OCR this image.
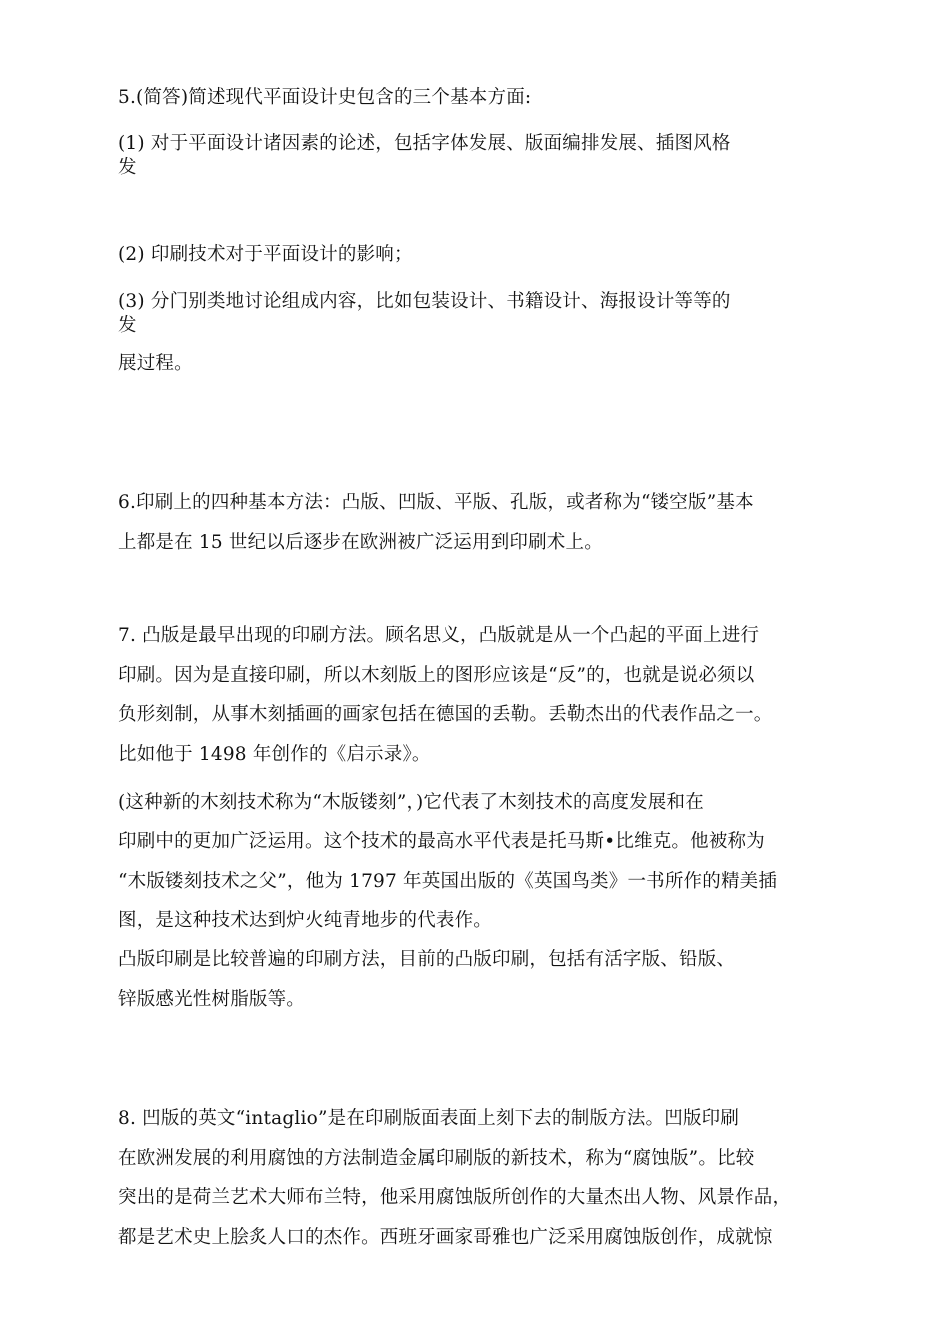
5.(简答)简述现代平面设计史包含的三个基本方面:
(1) 对于平面设计诸因素的论述，包括字体发展、版面编排发展、插图风格
发
(2) 印刷技术对于平面设计的影响；
(3) 分门别类地讨论组成内容，比如包装设计、书籍设计、海报设计等等的
发
展过程。
6.印刷上的四种基本方法：凸版、凹版、平版、孔版，或者称为“镂空版”基本
上都是在 15 世纪以后逐步在欧洲被广泛运用到印刷术上。
7. 凸版是最早出现的印刷方法。顾名思义，凸版就是从一个凸起的平面上进行
印刷。因为是直接印刷，所以木刻版上的图形应该是“反”的，也就是说必须以
负形刻制，从事木刻插画的画家包括在德国的丢勒。丢勒杰出的代表作品之一。
比如他于 1498 年创作的《启示录》。
(这种新的木刻技术称为“木版镂刻”，)它代表了木刻技术的高度发展和在
印刷中的更加广泛运用。这个技术的最高水平代表是托马斯•比维克。他被称为
“木版镂刻技术之父”，他为 1797 年英国出版的《英国鸟类》一书所作的精美插
图，是这种技术达到炉火纯青地步的代表作。
凸版印刷是比较普遍的印刷方法，目前的凸版印刷，包括有活字版、铅版、
锌版感光性树脂版等。
8. 凹版的英文“intaglio”是在印刷版面表面上刻下去的制版方法。凹版印刷
在欧洲发展的利用腐蚀的方法制造金属印刷版的新技术，称为“腐蚀版”。比较
突出的是荷兰艺术大师布兰特，他采用腐蚀版所创作的大量杰出人物、风景作品，
都是艺术史上脍炙人口的杰作。西班牙画家哥雅也广泛采用腐蚀版创作，成就惊
